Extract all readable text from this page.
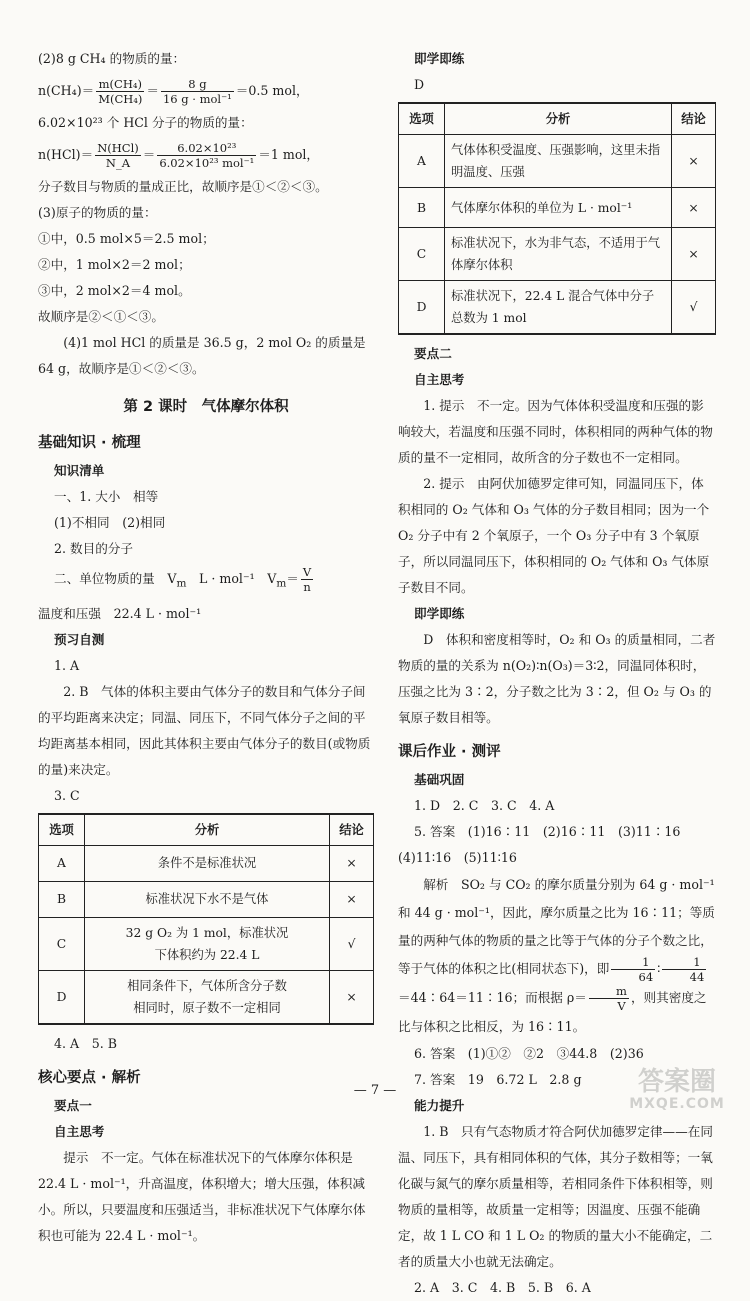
(2)8 g CH₄ 的物质的量：

$n(CH_4)= \frac{\text{m(CH₄)}}{\text{M(CH₄)}} = \frac{8 g}{\text{16 g · mol⁻¹}} =0.5$ mol，

6.02×10²³ 个 HCl 分子的物质的量：

$n(HCl)= \frac{\text{N(HCl)}}{N\_A} = \frac{\text{6.02×10²³}}{\text{6.02×10²³ mol⁻¹}} =1$ mol，

分子数目与物质的量成正比，故顺序是①＜②＜③。

(3)原子的物质的量：

①中，0.5 mol×5＝2.5 mol；

②中，1 mol×2＝2 mol；

③中，2 mol×2＝4 mol。

故顺序是②＜①＜③。

(4)1 mol HCl 的质量是 36.5 g，2 mol O₂ 的质量是 64 g，故顺序是①＜②＜③。

第 2 课时　气体摩尔体积
基础知识 · 梳理

知识清单

一、1. 大小　相等

(1)不相同　(2)相同

2. 数目的分子

二、单位物质的量　$V_m$　L · mol⁻¹　$V_m= \frac{V}{n}$

温度和压强　22.4 L · mol⁻¹

预习自测

1. A

2. B　气体的体积主要由气体分子的数目和气体分子间的平均距离来决定；同温、同压下，不同气体分子之间的平均距离基本相同，因此其体积主要由气体分子的数目(或物质的量)来决定。

3. C

选项	分析	结论
A	条件不是标准状况	×
B	标准状况下水不是气体	×
C	32 g O₂ 为 1 mol，标准状况下体积约为 22.4 L	√
D	相同条件下，气体所含分子数相同时，原子数不一定相同	×

4. A　5. B

核心要点 · 解析

要点一

自主思考

提示　不一定。气体在标准状况下的气体摩尔体积是 22.4 L · mol⁻¹，升高温度，体积增大；增大压强，体积减小。所以，只要温度和压强适当，非标准状况下气体摩尔体积也可能为 22.4 L · mol⁻¹。

即学即练

D

选项	分析	结论
A	气体体积受温度、压强影响，这里未指明温度、压强	×
B	气体摩尔体积的单位为 L · mol⁻¹	×
C	标准状况下，水为非气态，不适用于气体摩尔体积	×
D	标准状况下，22.4 L 混合气体中分子总数为 1 mol	√

要点二

自主思考

1. 提示　不一定。因为气体体积受温度和压强的影响较大，若温度和压强不同时，体积相同的两种气体的物质的量不一定相同，故所含的分子数也不一定相同。

2. 提示　由阿伏加德罗定律可知，同温同压下，体积相同的 O₂ 气体和 O₃ 气体的分子数目相同；因为一个 O₂ 分子中有 2 个氧原子，一个 O₃ 分子中有 3 个氧原子，所以同温同压下，体积相同的 O₂ 气体和 O₃ 气体原子数目不同。

即学即练

D　体积和密度相等时，O₂ 和 O₃ 的质量相同，二者物质的量的关系为 n(O₂)∶n(O₃)＝3∶2，同温同体积时，压强之比为 3∶2，分子数之比为 3∶2，但 O₂ 与 O₃ 的氧原子数目相等。

课后作业 · 测评

基础巩固

1. D　2. C　3. C　4. A

5. 答案　(1)16∶11　(2)16∶11　(3)11∶16

(4)11∶16　(5)11∶16

解析　SO₂ 与 CO₂ 的摩尔质量分别为 64 g · mol⁻¹ 和 44 g · mol⁻¹，因此，摩尔质量之比为 16∶11；等质量的两种气体的物质的量之比等于气体的分子个数之比，等于气体的体积之比(相同状态下)，即 $\frac{1}{64}$ ∶ $\frac{1}{44}$
＝44∶64＝11∶16；而根据 $\rho= \frac{m}{V}$ ，则其密度之比与体积之比相反，为 16∶11。

6. 答案　(1)①②　②2　③44.8　(2)36

7. 答案　19　6.72 L　2.8 g

能力提升

1. B　只有气态物质才符合阿伏加德罗定律——在同温、同压下，具有相同体积的气体，其分子数相等；一氧化碳与氮气的摩尔质量相等，若相同条件下体积相等，则物质的量相等，故质量一定相等；因温度、压强不能确定，故 1 L CO 和 1 L O₂ 的物质的量大小不能确定，二者的质量大小也就无法确定。

2. A　3. C　4. B　5. B　6. A

— 7 —	答案圈
MXQE.COM
